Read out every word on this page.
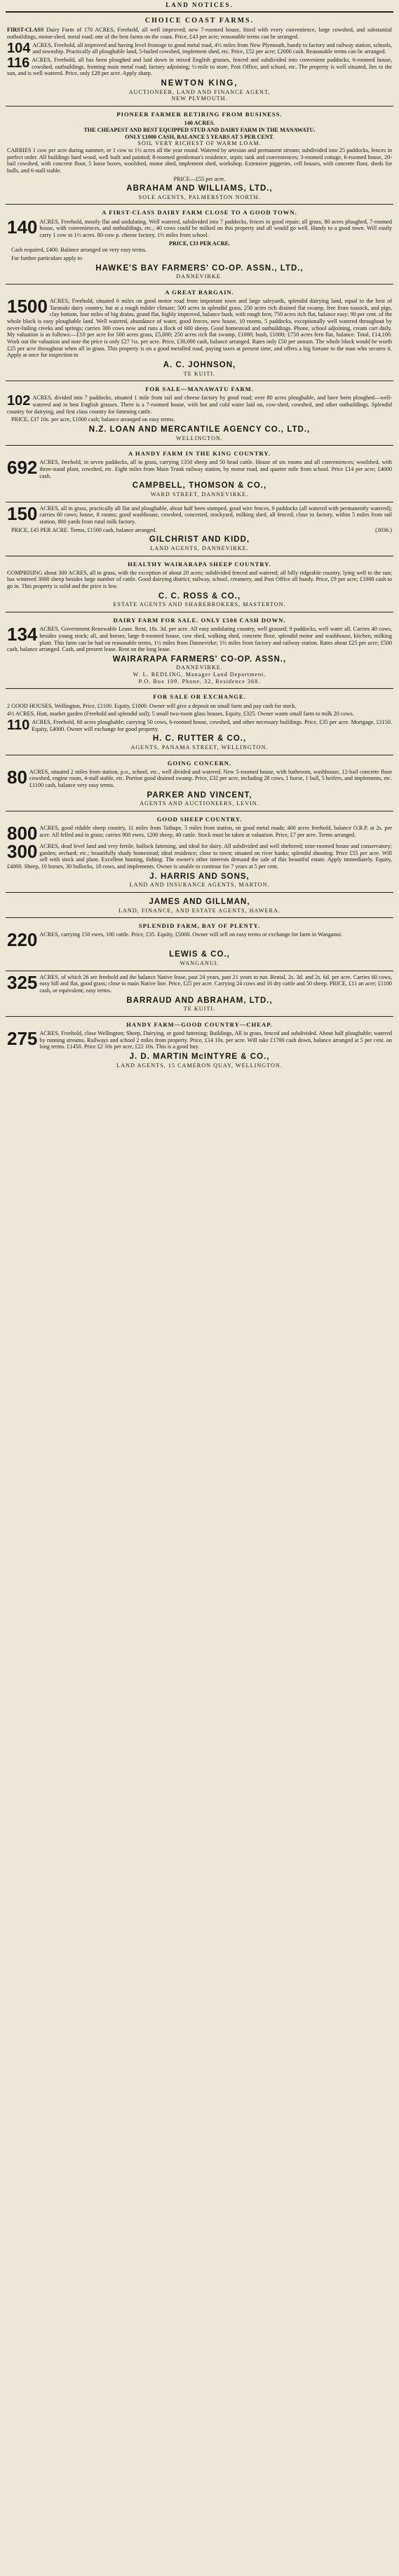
LAND NOTICES.
CHOICE COAST FARMS.
FIRST-CLASS Dairy Farm of 170 ACRES, Freehold, all well improved; new 7-roomed house, fitted with every convenience, large cowshed, and substantial outbuildings, motor-shed, metal road; one of the best farms on the coast. Price, £43 per acre; reasonable terms can be arranged.
104 ACRES, Freehold, all improved and having level frontage to good metal road, 4½ miles from New Plymouth, handy to factory and railway station, schools, and township. Practically all ploughable land, 5-bailed cowshed, implement shed, etc. Price, £52 per acre; £2000 cash. Reasonable terms can be arranged.
116 ACRES, Freehold, all has been ploughed and laid down in mixed English grasses, fenced and subdivided into convenient paddocks, 6-roomed house, cowshed, outbuildings, fronting main metal road; factory adjoining; ½-mile to store, Post Office, and school, etc. The property is well situated, lies to the sun, and is well watered. Price, only £28 per acre. Apply sharp.
NEWTON KING,
AUCTIONEER, LAND AND FINANCE AGENT,
NEW PLYMOUTH.
PIONEER FARMER RETIRING FROM BUSINESS.
140 ACRES.
THE CHEAPEST AND BEST EQUIPPED STUD AND DAIRY FARM IN THE MANAWATU.
ONLY £1000 CASH, BALANCE 5 YEARS AT 5 PER CENT.
SOIL VERY RICHEST OF WARM LOAM.
CARRIES 1 cow per acre during summer, or 1 cow to 1½ acres all the year round. Watered by artesian and permanent stream; subdivided into 25 paddocks, fences in perfect order. All buildings hard wood, well built and painted; 8-roomed gentleman's residence, septic tank and conveniences; 3-roomed cottage, 6-roomed house, 20-bail cowshed, with concrete floor, 5 loose boxes, woolshed, motor shed, implement shed, workshop. Extensive piggeries, cell houses, with concrete floor, sheds for bulls, and 6-stall stable.
PRICE—£55 per acre.
ABRAHAM AND WILLIAMS, LTD.,
SOLE AGENTS, PALMERSTON NORTH.
A FIRST-CLASS DAIRY FARM CLOSE TO A GOOD TOWN.
140 ACRES, Freehold, mostly flat and undulating. Well watered, subdivided into 7 paddocks, fences in good repair; all grass; 80 acres ploughed, 7-roomed house, with conveniences, and outbuildings, etc.; 40 cows could be milked on this property and all would go well. Handy to a good town. Will easily carry 1 cow to 1½ acres. 80-cow p. cheese factory, 1½ miles from school.
PRICE, £33 PER ACRE.
Cash required, £400. Balance arranged on very easy terms.
For further particulars apply to
HAWKE'S BAY FARMERS' CO-OP. ASSN., LTD.,
DANNEVIRKE.
A GREAT BARGAIN.
1500 ACRES, Freehold, situated 6 miles on good motor road from important town and large saleyards, splendid dairying land, equal to the best of Taranaki dairy country, but at a rough milder climate; 500 acres in splendid grass, 250 acres rich drained flat swamp, free from tussock, and pigs, clay bottom, four miles of big drains, grand flat, highly improved, balance bush, with rough fern; 750 acres rich flat, balance easy; 90 per cent. of the whole block is easy ploughable land. Well watered, abundance of water, good fences, new house, 10 rooms, 5 paddocks, exceptionally well watered throughout by never-failing creeks and springs; carries 300 cows now and runs a flock of 600 sheep. Good homestead and outbuildings. Phone, school adjoining, cream cart daily. My valuation is as follows:—£10 per acre for 500 acres grass, £5,000; 250 acres rich flat swamp, £1000; bush, £1000; £750 acres fern flat, balance. Total, £14,100. Work out the valuation and note the price is only £27 ½s. per acre. Price, £30,000 cash, balance arranged. Rates only £50 per annum. The whole block would be worth £25 per acre throughout when all in grass. This property is on a good metalled road, paying taxes at present time, and offers a big fortune to the man who secures it. Apply at once for inspection to
A. C. JOHNSON,
TE KUITI.
FOR SALE—MANAWATU FARM.
102 ACRES, divided into 7 paddocks, situated 1 mile from rail and cheese factory by good road; over 80 acres ploughable, and have been ploughed—well-watered and in best English grasses. There is a 7-roomed house, with hot and cold water laid on, cow-shed, cowshed, and other outbuildings. Splendid country for dairying, and first class country for fattening cattle.
PRICE, £37 10s. per acre, £1000 cash; balance arranged on easy terms.
N.Z. LOAN AND MERCANTILE AGENCY CO., LTD.,
WELLINGTON.
A HANDY FARM IN THE KING COUNTRY.
692 ACRES, freehold, in seven paddocks, all in grass, carrying 1350 sheep and 50 head cattle. House of six rooms and all conveniences; woolshed, with three-stand plant, cowshed, etc. Eight miles from Main Trunk railway station, by motor road, and quarter mile from school. Price £14 per acre; £4000 cash.
CAMPBELL, THOMSON & CO.,
WARD STREET, DANNEVIRKE.
150 ACRES, all in grass, practically all flat and ploughable, about half been stumped, good wire fences, 9 paddocks (all watered with permanently watered); carries 60 cows; house, 8 rooms; good washhouse, cowshed, concreted, stockyard, milking shed, all fenced; close to factory, within 5 miles from rail station, 800 yards from rural milk factory.
PRICE, £45 PER ACRE. Terms, £1500 cash, balance arranged.	(3036.)
GILCHRIST AND KIDD,
LAND AGENTS, DANNEVIRKE.
HEALTHY WAIRARAPA SHEEP COUNTRY.
COMPRISING about 300 ACRES, all in grass, with the exception of about 20 acres; subdivided fenced and watered; all hilly ridgeable country, lying well to the sun; has wintered 3000 sheep besides large number of cattle. Good dairying district; railway, school, creamery, and Post Office all handy. Price, £9 per acre; £1000 cash to go in. This property is solid and the price is low.
C. C. ROSS & CO.,
ESTATE AGENTS AND SHAREBROKERS, MASTERTON.
DAIRY FARM FOR SALE. ONLY £500 CASH DOWN.
134 ACRES, Government Renewable Lease. Rent, 18s. 3d. per acre. All easy undulating country, well grassed; 9 paddocks, well water all. Carries 40 cows, besides young stock; all, and horses; large 8-roomed house, cow shed, walking shed, concrete floor, splendid motor and washhouse, kitchen, milking plant. This farm can be had on reasonable terms, 1½ miles from Dannevirke; 1½ miles from factory and railway station. Rates about £25 per acre; £500 cash, balance arranged. Cash, and present lease. Rent on the long lease.
WAIRARAPA FARMERS' CO-OP. ASSN.,
DANNEVIRKE.
W. L. REDLING, Manager Land Department.
P.O. Box 109. Phone, 32, Residence 368.
FOR SALE OR EXCHANGE.
2 GOOD HOUSES, Wellington, Price, £1100. Equity, £1000. Owner will give a deposit on small farm and pay cash for stock.
4½ ACRES, Hutt, market garden (Freehold and splendid soil); 5 small two-room glass houses. Equity, £325. Owner wants small farm to milk 20 cows.
110 ACRES, Freehold, 60 acres ploughable; carrying 50 cows, 6-roomed house, cowshed, and other necessary buildings. Price, £35 per acre. Mortgage, £1150. Equity, £4000. Owner will exchange for good property.
H. C. RUTTER & CO.,
AGENTS, PANAMA STREET, WELLINGTON.
GOING CONCERN.
80 ACRES, situated 2 miles from station, p.o., school, etc., well divided and watered. New 5-roomed house, with bathroom, washhouse, 12-bail concrete floor cowshed, engine room, 4-stall stable, etc. Portion good drained swamp. Price, £32 per acre, including 28 cows, 1 horse, 1 bull, 5 heifers, and implements, etc. £1100 cash, balance very easy terms.
PARKER AND VINCENT,
AGENTS AND AUCTIONEERS, LEVIN.
GOOD SHEEP COUNTRY.
800 ACRES, good ridable sheep country, 11 miles from Taihape, 5 miles from station, on good metal roads; 400 acres freehold, balance O.R.P. at 2s. per acre. All felled and in grass; carries 900 ewes, 1200 sheep, 40 cattle. Stock must be taken at valuation. Price, £7 per acre. Terms arranged.
300 ACRES, dead level land and very fertile, bullock fattening, and ideal for dairy. All subdivided and well sheltered; nine-roomed house and conservatory; garden; orchard; etc.; beautifully shady homestead; ideal residence; close to town; situated on river banks; splendid shooting. Price £55 per acre. Will sell with stock and plant. Excellent hunting, fishing. The owner's other interests demand the sale of this beautiful estate. Apply immediately. Equity, £4000. Sheep, 10 horses, 30 bullocks, 18 cows, and implements. Owner is unable to continue for 7 years at 5 per cent.
J. HARRIS AND SONS,
LAND AND INSURANCE AGENTS, MARTON.
JAMES AND GILLMAN,
LAND, FINANCE, AND ESTATE AGENTS, HAWERA.
SPLENDID FARM, BAY OF PLENTY.
220 ACRES, carrying 150 ewes, 100 cattle. Price, £35. Equity, £5000. Owner will sell on easy terms or exchange for farm in Wanganui.
LEWIS & CO.,
WANGANUI.
325 ACRES, of which 26 are freehold and the balance Native lease, past 24 years, past 21 years to run. Rental, 2s. 3d. and 2s. 6d. per acre. Carries 60 cows, easy hill and flat, good grass; close to main Native line. Price, £25 per acre. Carrying 24 cows and 16 dry cattle and 50 sheep. PRICE, £11 an acre; £1100 cash, or equivalent; easy terms.
BARRAUD AND ABRAHAM, LTD.,
TE KUITI.
HANDY FARM—GOOD COUNTRY—CHEAP.
275 ACRES, Freehold, close Wellington; Sheep, Dairying, or good fattening; Buildings, All in grass, fenced and subdivided. About half ploughable; watered by running streams. Railways and school 2 miles from property. Price, £14 10s. per acre. Will take £1700 cash down, balance arranged at 5 per cent. on long terms. £1450. Price £2 10s per acre, £22 10s. This is a good buy.
J. D. MARTIN McINTYRE & CO.,
LAND AGENTS, 15 CAMERON QUAY, WELLINGTON.
